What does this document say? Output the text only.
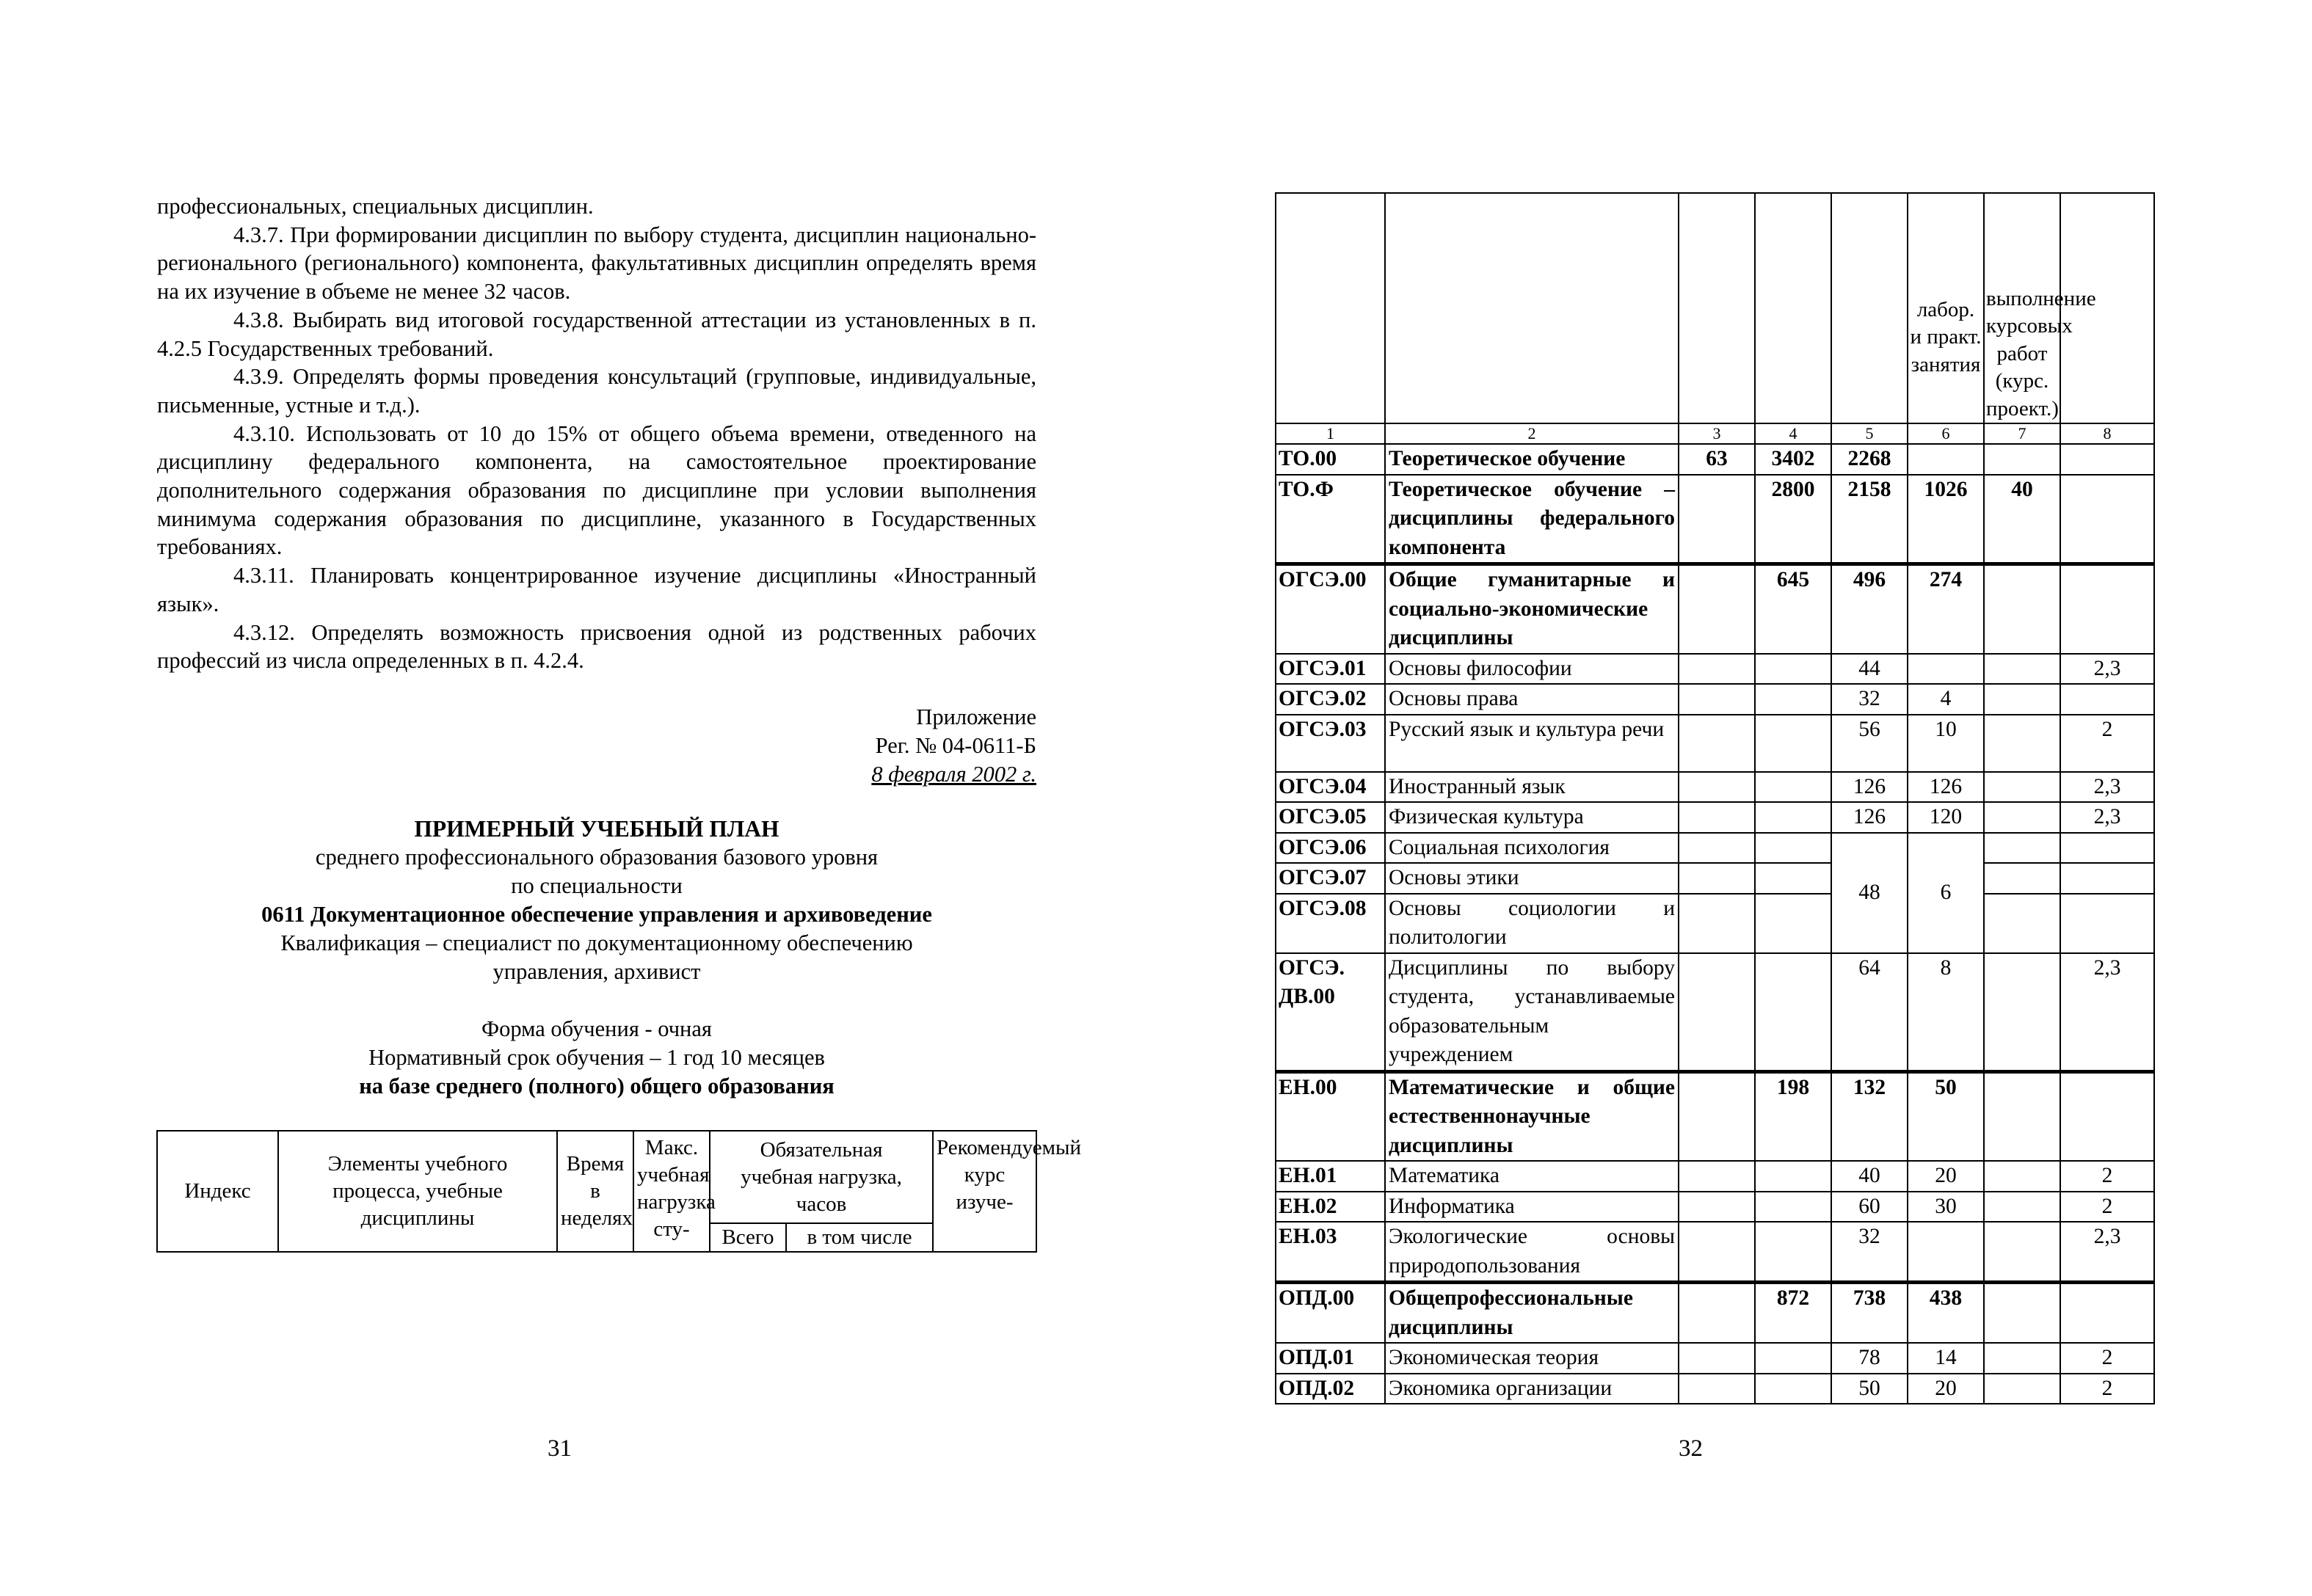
профессиональных, специальных дисциплин.

4.3.7. При формировании дисциплин по выбору студента, дисциплин национально-регионального (регионального) компонента, факультативных дисциплин определять время на их изучение в объеме не менее 32 часов.

4.3.8. Выбирать вид итоговой государственной аттестации из установленных в п. 4.2.5 Государственных требований.

4.3.9. Определять формы проведения консультаций (групповые, индивидуальные, письменные, устные и т.д.).

4.3.10. Использовать от 10 до 15% от общего объема времени, отведенного на дисциплину федерального компонента, на самостоятельное проектирование дополнительного содержания образования по дисциплине при условии выполнения минимума содержания образования по дисциплине, указанного в Государственных требованиях.

4.3.11. Планировать концентрированное изучение дисциплины «Иностранный язык».

4.3.12. Определять возможность присвоения одной из родственных рабочих профессий из числа определенных в п. 4.2.4.

Приложение
Рег. № 04-0611-Б
8 февраля 2002 г.
ПРИМЕРНЫЙ УЧЕБНЫЙ ПЛАН
среднего профессионального образования базового уровня
по специальности
0611 Документационное обеспечение управления и архивоведение
Квалификация – специалист по документационному обеспечению
управления, архивист
Форма обучения - очная
Нормативный срок обучения – 1 год 10 месяцев
на базе среднего (полного) общего образования
Индекс	Элементы учебного процесса, учебные дисциплины	Время в неделях	Макс. учебная нагрузка сту-	Обязательная учебная нагрузка, часов		Рекомендуемый курс изуче-
				Всего	в том числе	
31	32
					лабор. и практ. занятия	выполнение курсовых работ (курс. проект.)	
1	2	3	4	5	6	7	8
ТО.00	Теоретическое обучение	63	3402	2268			
ТО.Ф	Теоретическое обучение – дисциплины федерального компонента		2800	2158	1026	40	
ОГСЭ.00	Общие гуманитарные и социально-экономические дисциплины		645	496	274		
ОГСЭ.01	Основы философии			44			2,3
ОГСЭ.02	Основы права			32	4		
ОГСЭ.03	Русский язык и культура речи			56	10		2
ОГСЭ.04	Иностранный язык			126	126		2,3
ОГСЭ.05	Физическая культура			126	120		2,3
ОГСЭ.06	Социальная психология			48	6		
ОГСЭ.07	Основы этики						
ОГСЭ.08	Основы социологии и политологии						
ОГСЭ. ДВ.00	Дисциплины по выбору студента, устанавливаемые образовательным учреждением			64	8		2,3
ЕН.00	Математические и общие естественнонаучные дисциплины		198	132	50		
ЕН.01	Математика			40	20		2
ЕН.02	Информатика			60	30		2
ЕН.03	Экологические основы природопользования			32			2,3
ОПД.00	Общепрофессиональные дисциплины		872	738	438		
ОПД.01	Экономическая теория			78	14		2
ОПД.02	Экономика организации			50	20		2
